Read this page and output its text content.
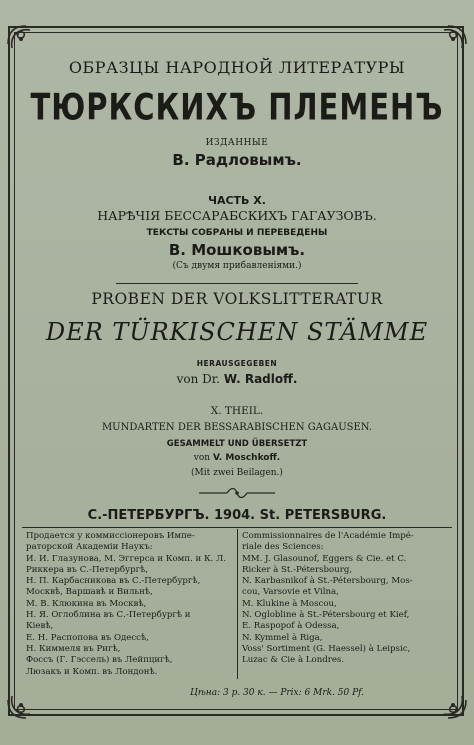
ОБРАЗЦЫ НАРОДНОЙ ЛИТЕРАТУРЫ
ТЮРКСКИХЪ ПЛЕМЕНЪ
ИЗДАННЫЕ
В. Радловымъ.
ЧАСТЬ X.
НАРѢЧІЯ БЕССАРАБСКИХЪ ГАГАУЗОВЪ.
ТЕКСТЫ СОБРАНЫ И ПЕРЕВЕДЕНЫ
В. Мошковымъ.
(Съ двумя прибавленіями.)
PROBEN DER VOLKSLITTERATUR
DER TÜRKISCHEN STÄMME
HERAUSGEGEBEN
von Dr. W. Radloff.
X. THEIL.
MUNDARTEN DER BESSARABISCHEN GAGAUSEN.
GESAMMELT UND ÜBERSETZT
von V. Moschkoff.
(Mit zwei Beilagen.)
С.-ПЕТЕРБУРГЪ. 1904. St. PETERSBURG.
Продается у коммиссіонеровъ Импе-
раторской Академіи Наукъ:
И. И. Глазунова, М. Эггерса и Комп. и К. Л.
Риккера въ С.-Петербургѣ,
Н. П. Карбасникова въ С.-Петербургѣ,
Москвѣ, Варшавѣ и Вильнѣ,
М. В. Клюкина въ Москвѣ,
Н. Я. Оглоблина въ С.-Петербургѣ и
Кіевѣ,
Е. Н. Распопова въ Одессѣ,
Н. Киммеля въ Ригѣ,
Фоссъ (Г. Гэссель) въ Лейпцигѣ,
Люзакъ и Комп. въ Лондонѣ.
Commissionnaires de l'Académie Impé-
riale des Sciences:
MM. J. Glasounof, Eggers & Cie. et C.
Ricker à St.-Pétersbourg,
N. Karbasnikof à St.-Pétersbourg, Mos-
cou, Varsovie et Vilna,
M. Klukine à Moscou,
N. Oglobline à St.-Pétersbourg et Kief,
E. Raspopof à Odessa,
N. Kymmel à Riga,
Voss' Sortiment (G. Haessel) à Leipsic,
Luzac & Cie à Londres.
Цѣна: 3 р. 30 к. — Prix: 6 Mrk. 50 Pf.
